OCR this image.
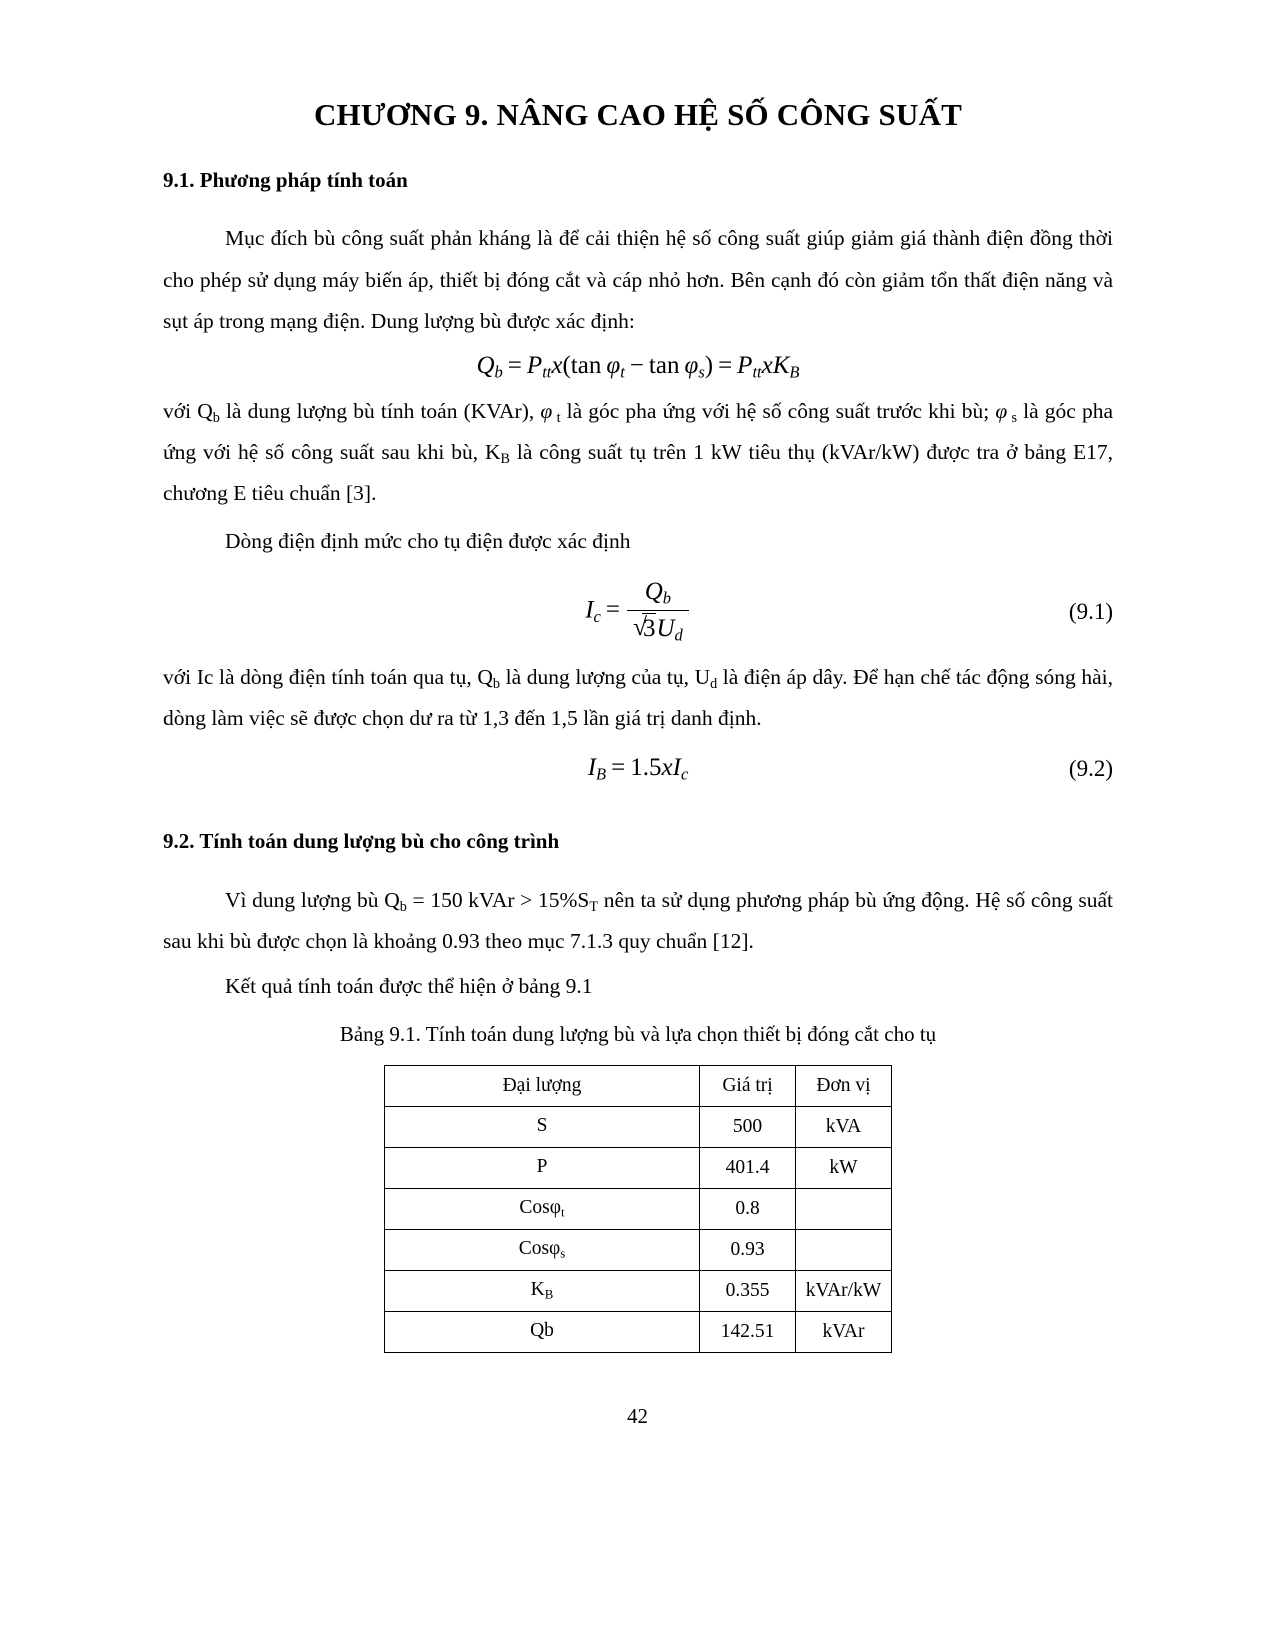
CHƯƠNG 9. NÂNG CAO HỆ SỐ CÔNG SUẤT
9.1. Phương pháp tính toán

Mục đích bù công suất phản kháng là để cải thiện hệ số công suất giúp giảm giá thành điện đồng thời cho phép sử dụng máy biến áp, thiết bị đóng cắt và cáp nhỏ hơn. Bên cạnh đó còn giảm tổn thất điện năng và sụt áp trong mạng điện. Dung lượng bù được xác định:

$Q_b = P_{tt}x(\tan$  $\varphi_t - \tan \varphi_s) = P_{tt}xK_B$

với $Q_b$ là dung lượng bù tính toán (KVAr), φ  $_t$ là góc pha ứng với hệ số công suất trước khi bù; φ  $_s$ là góc pha ứng với hệ số công suất sau khi bù, $K_B$ là công suất tụ trên 1 kW tiêu thụ (kVAr/kW) được tra ở bảng E17, chương E tiêu chuẩn [3].

Dòng điện định mức cho tụ điện được xác định

$I_c = Q_b$
√ $3U_d$	(9.1)

với Ic là dòng điện tính toán qua tụ, $Q_b$ là dung lượng của tụ, $U_d$ là điện áp dây. Để hạn chế tác động sóng hài, dòng làm việc sẽ được chọn dư ra từ 1,3 đến 1,5 lần giá trị danh định.

$I_B = 1.5xI_c$	(9.2)
9.2. Tính toán dung lượng bù cho công trình

Vì dung lượng bù $Q_b = 150$ kVAr > $15\%S_T$ nên ta sử dụng phương pháp bù ứng động. Hệ số công suất sau khi bù được chọn là khoảng 0.93 theo mục 7.1.3 quy chuẩn [12].

Kết quả tính toán được thể hiện ở bảng 9.1

Bảng 9.1. Tính toán dung lượng bù và lựa chọn thiết bị đóng cắt cho tụ

Đại lượng	Giá trị	Đơn vị
S	500	kVA
P	401.4	kW
Cosφ$_t$	0.8	
Cosφ$_s$	0.93	
$K_B$	0.355	kVAr/kW
Qb	142.51	kVAr
42
